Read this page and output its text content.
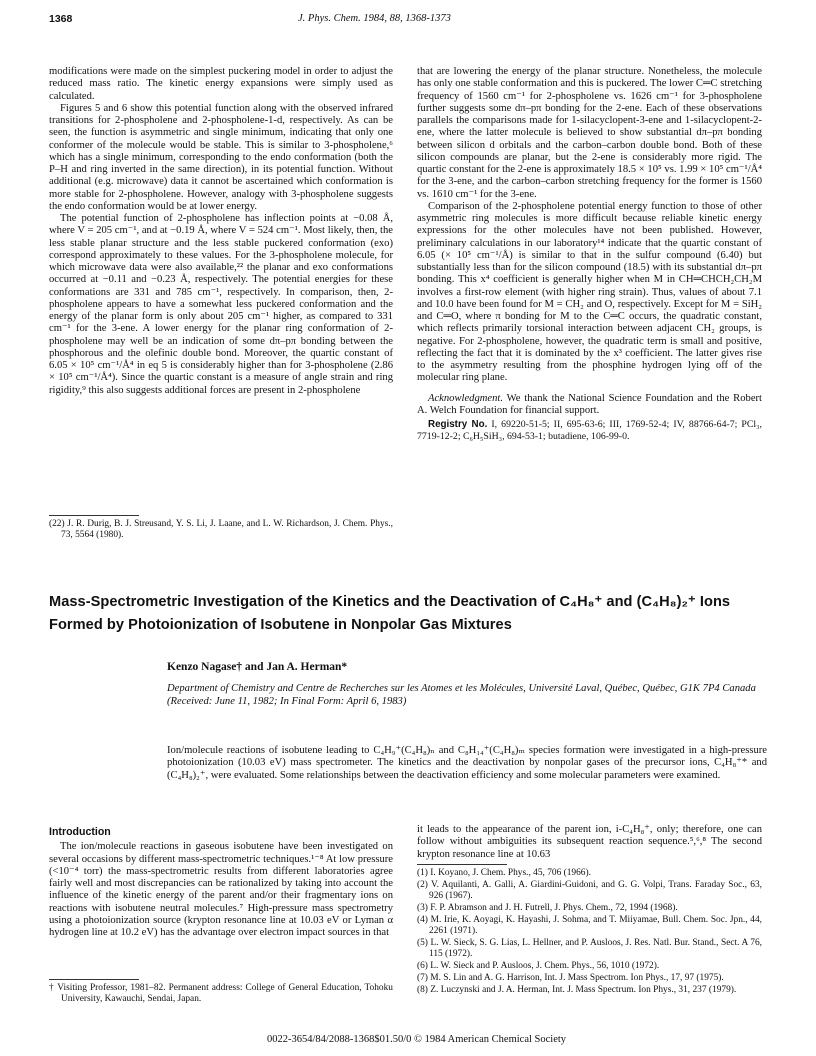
1368	J. Phys. Chem. 1984, 88, 1368-1373

modifications were made on the simplest puckering model in order to adjust the reduced mass ratio. The kinetic energy expansions were simply used as calculated.

Figures 5 and 6 show this potential function along with the observed infrared transitions for 2-phospholene and 2-phospholene-1-d, respectively. As can be seen, the function is asymmetric and single minimum, indicating that only one conformer of the molecule would be stable. This is similar to 3-phospholene,⁶ which has a single minimum, corresponding to the endo conformation (both the P–H and ring inverted in the same direction), in its potential function. Without additional (e.g. microwave) data it cannot be ascertained which conformation is more stable for 2-phospholene. However, analogy with 3-phospholene suggests the endo conformation would be at lower energy.

The potential function of 2-phospholene has inflection points at −0.08 Å, where V = 205 cm⁻¹, and at −0.19 Å, where V = 524 cm⁻¹. Most likely, then, the less stable planar structure and the less stable puckered conformation (exo) correspond approximately to these values. For the 3-phospholene molecule, for which microwave data were also available,²² the planar and exo conformations occurred at −0.11 and −0.23 Å, respectively. The potential energies for these conformations are 331 and 785 cm⁻¹, respectively. In comparison, then, 2-phospholene appears to have a somewhat less puckered conformation and the energy of the planar form is only about 205 cm⁻¹ higher, as compared to 331 cm⁻¹ for the 3-ene. A lower energy for the planar ring conformation of 2-phospholene may well be an indication of some dπ–pπ bonding between the phosphorous and the olefinic double bond. Moreover, the quartic constant of 6.05 × 10⁵ cm⁻¹/Å⁴ in eq 5 is considerably higher than for 3-phospholene (2.86 × 10⁵ cm⁻¹/Å⁴). Since the quartic constant is a measure of angle strain and ring rigidity,⁹ this also suggests additional forces are present in 2-phospholene

(22) J. R. Durig, B. J. Streusand, Y. S. Li, J. Laane, and L. W. Richardson, J. Chem. Phys., 73, 5564 (1980).

that are lowering the energy of the planar structure. Nonetheless, the molecule has only one stable conformation and this is puckered. The lower C═C stretching frequency of 1560 cm⁻¹ for 2-phospholene vs. 1626 cm⁻¹ for 3-phospholene further suggests some dπ–pπ bonding for the 2-ene. Each of these observations parallels the comparisons made for 1-silacyclopent-3-ene and 1-silacyclopent-2-ene, where the latter molecule is believed to show substantial dπ–pπ bonding between silicon d orbitals and the carbon–carbon double bond. Both of these silicon compounds are planar, but the 2-ene is considerably more rigid. The quartic constant for the 2-ene is approximately 18.5 × 10⁵ vs. 1.99 × 10⁵ cm⁻¹/Å⁴ for the 3-ene, and the carbon–carbon stretching frequency for the former is 1560 vs. 1610 cm⁻¹ for the 3-ene.

Comparison of the 2-phospholene potential energy function to those of other asymmetric ring molecules is more difficult because reliable kinetic energy expressions for the other molecules have not been published. However, preliminary calculations in our laboratory¹⁴ indicate that the quartic constant of 6.05 (× 10⁵ cm⁻¹/Å) is similar to that in the sulfur compound (6.40) but substantially less than for the silicon compound (18.5) with its substantial dπ–pπ bonding. This x⁴ coefficient is generally higher when M in CH═CHCH₂CH₂M involves a first-row element (with higher ring strain). Thus, values of about 7.1 and 10.0 have been found for M = CH₂ and O, respectively. Except for M = SiH₂ and C═O, where π bonding for M to the C═C occurs, the quadratic constant, which reflects primarily torsional interaction between adjacent CH₂ groups, is negative. For 2-phospholene, however, the quadratic term is small and positive, reflecting the fact that it is dominated by the x³ coefficient. The latter gives rise to the asymmetry resulting from the phosphine hydrogen lying off of the molecular ring plane.

Acknowledgment. We thank the National Science Foundation and the Robert A. Welch Foundation for financial support.

Registry No. I, 69220-51-5; II, 695-63-6; III, 1769-52-4; IV, 88766-64-7; PCl₃, 7719-12-2; C₆H₅SiH₃, 694-53-1; butadiene, 106-99-0.

Mass-Spectrometric Investigation of the Kinetics and the Deactivation of C₄H₈⁺ and (C₄H₈)₂⁺ Ions Formed by Photoionization of Isobutene in Nonpolar Gas Mixtures
Kenzo Nagase† and Jan A. Herman*
Department of Chemistry and Centre de Recherches sur les Atomes et les Molécules, Université Laval, Québec, Québec, G1K 7P4 Canada (Received: June 11, 1982; In Final Form: April 6, 1983)
Ion/molecule reactions of isobutene leading to C₄H₉⁺(C₄H₈)ₙ and C₈H₁₄⁺(C₄H₈)ₘ species formation were investigated in a high-pressure photoionization (10.03 eV) mass spectrometer. The kinetics and the deactivation by nonpolar gases of the precursor ions, C₄H₈⁺* and (C₄H₈)₂⁺, were evaluated. Some relationships between the deactivation efficiency and some molecular parameters were examined.
Introduction

The ion/molecule reactions in gaseous isobutene have been investigated on several occasions by different mass-spectrometric techniques.¹⁻⁸ At low pressure (<10⁻⁴ torr) the mass-spectrometric results from different laboratories agree fairly well and most discrepancies can be rationalized by taking into account the influence of the kinetic energy of the parent and/or their fragmentary ions on reactions with isobutene neutral molecules.⁷ High-pressure mass spectrometry using a photoionization source (krypton resonance line at 10.03 eV or Lyman α hydrogen line at 10.2 eV) has the advantage over electron impact sources in that

† Visiting Professor, 1981–82. Permanent address: College of General Education, Tohoku University, Kawauchi, Sendai, Japan.

it leads to the appearance of the parent ion, i-C₄H₈⁺, only; therefore, one can follow without ambiguities its subsequent reaction sequence.⁵,⁶,⁸ The second krypton resonance line at 10.63

(1) I. Koyano, J. Chem. Phys., 45, 706 (1966).

(2) V. Aquilanti, A. Galli, A. Giardini-Guidoni, and G. G. Volpi, Trans. Faraday Soc., 63, 926 (1967).

(3) F. P. Abramson and J. H. Futrell, J. Phys. Chem., 72, 1994 (1968).

(4) M. Irie, K. Aoyagi, K. Hayashi, J. Sohma, and T. Miiyamae, Bull. Chem. Soc. Jpn., 44, 2261 (1971).

(5) L. W. Sieck, S. G. Lias, L. Hellner, and P. Ausloos, J. Res. Natl. Bur. Stand., Sect. A 76, 115 (1972).

(6) L. W. Sieck and P. Ausloos, J. Chem. Phys., 56, 1010 (1972).

(7) M. S. Lin and A. G. Harrison, Int. J. Mass Spectrom. Ion Phys., 17, 97 (1975).

(8) Z. Luczynski and J. A. Herman, Int. J. Mass Spectrum. Ion Phys., 31, 237 (1979).

0022-3654/84/2088-1368$01.50/0 © 1984 American Chemical Society
